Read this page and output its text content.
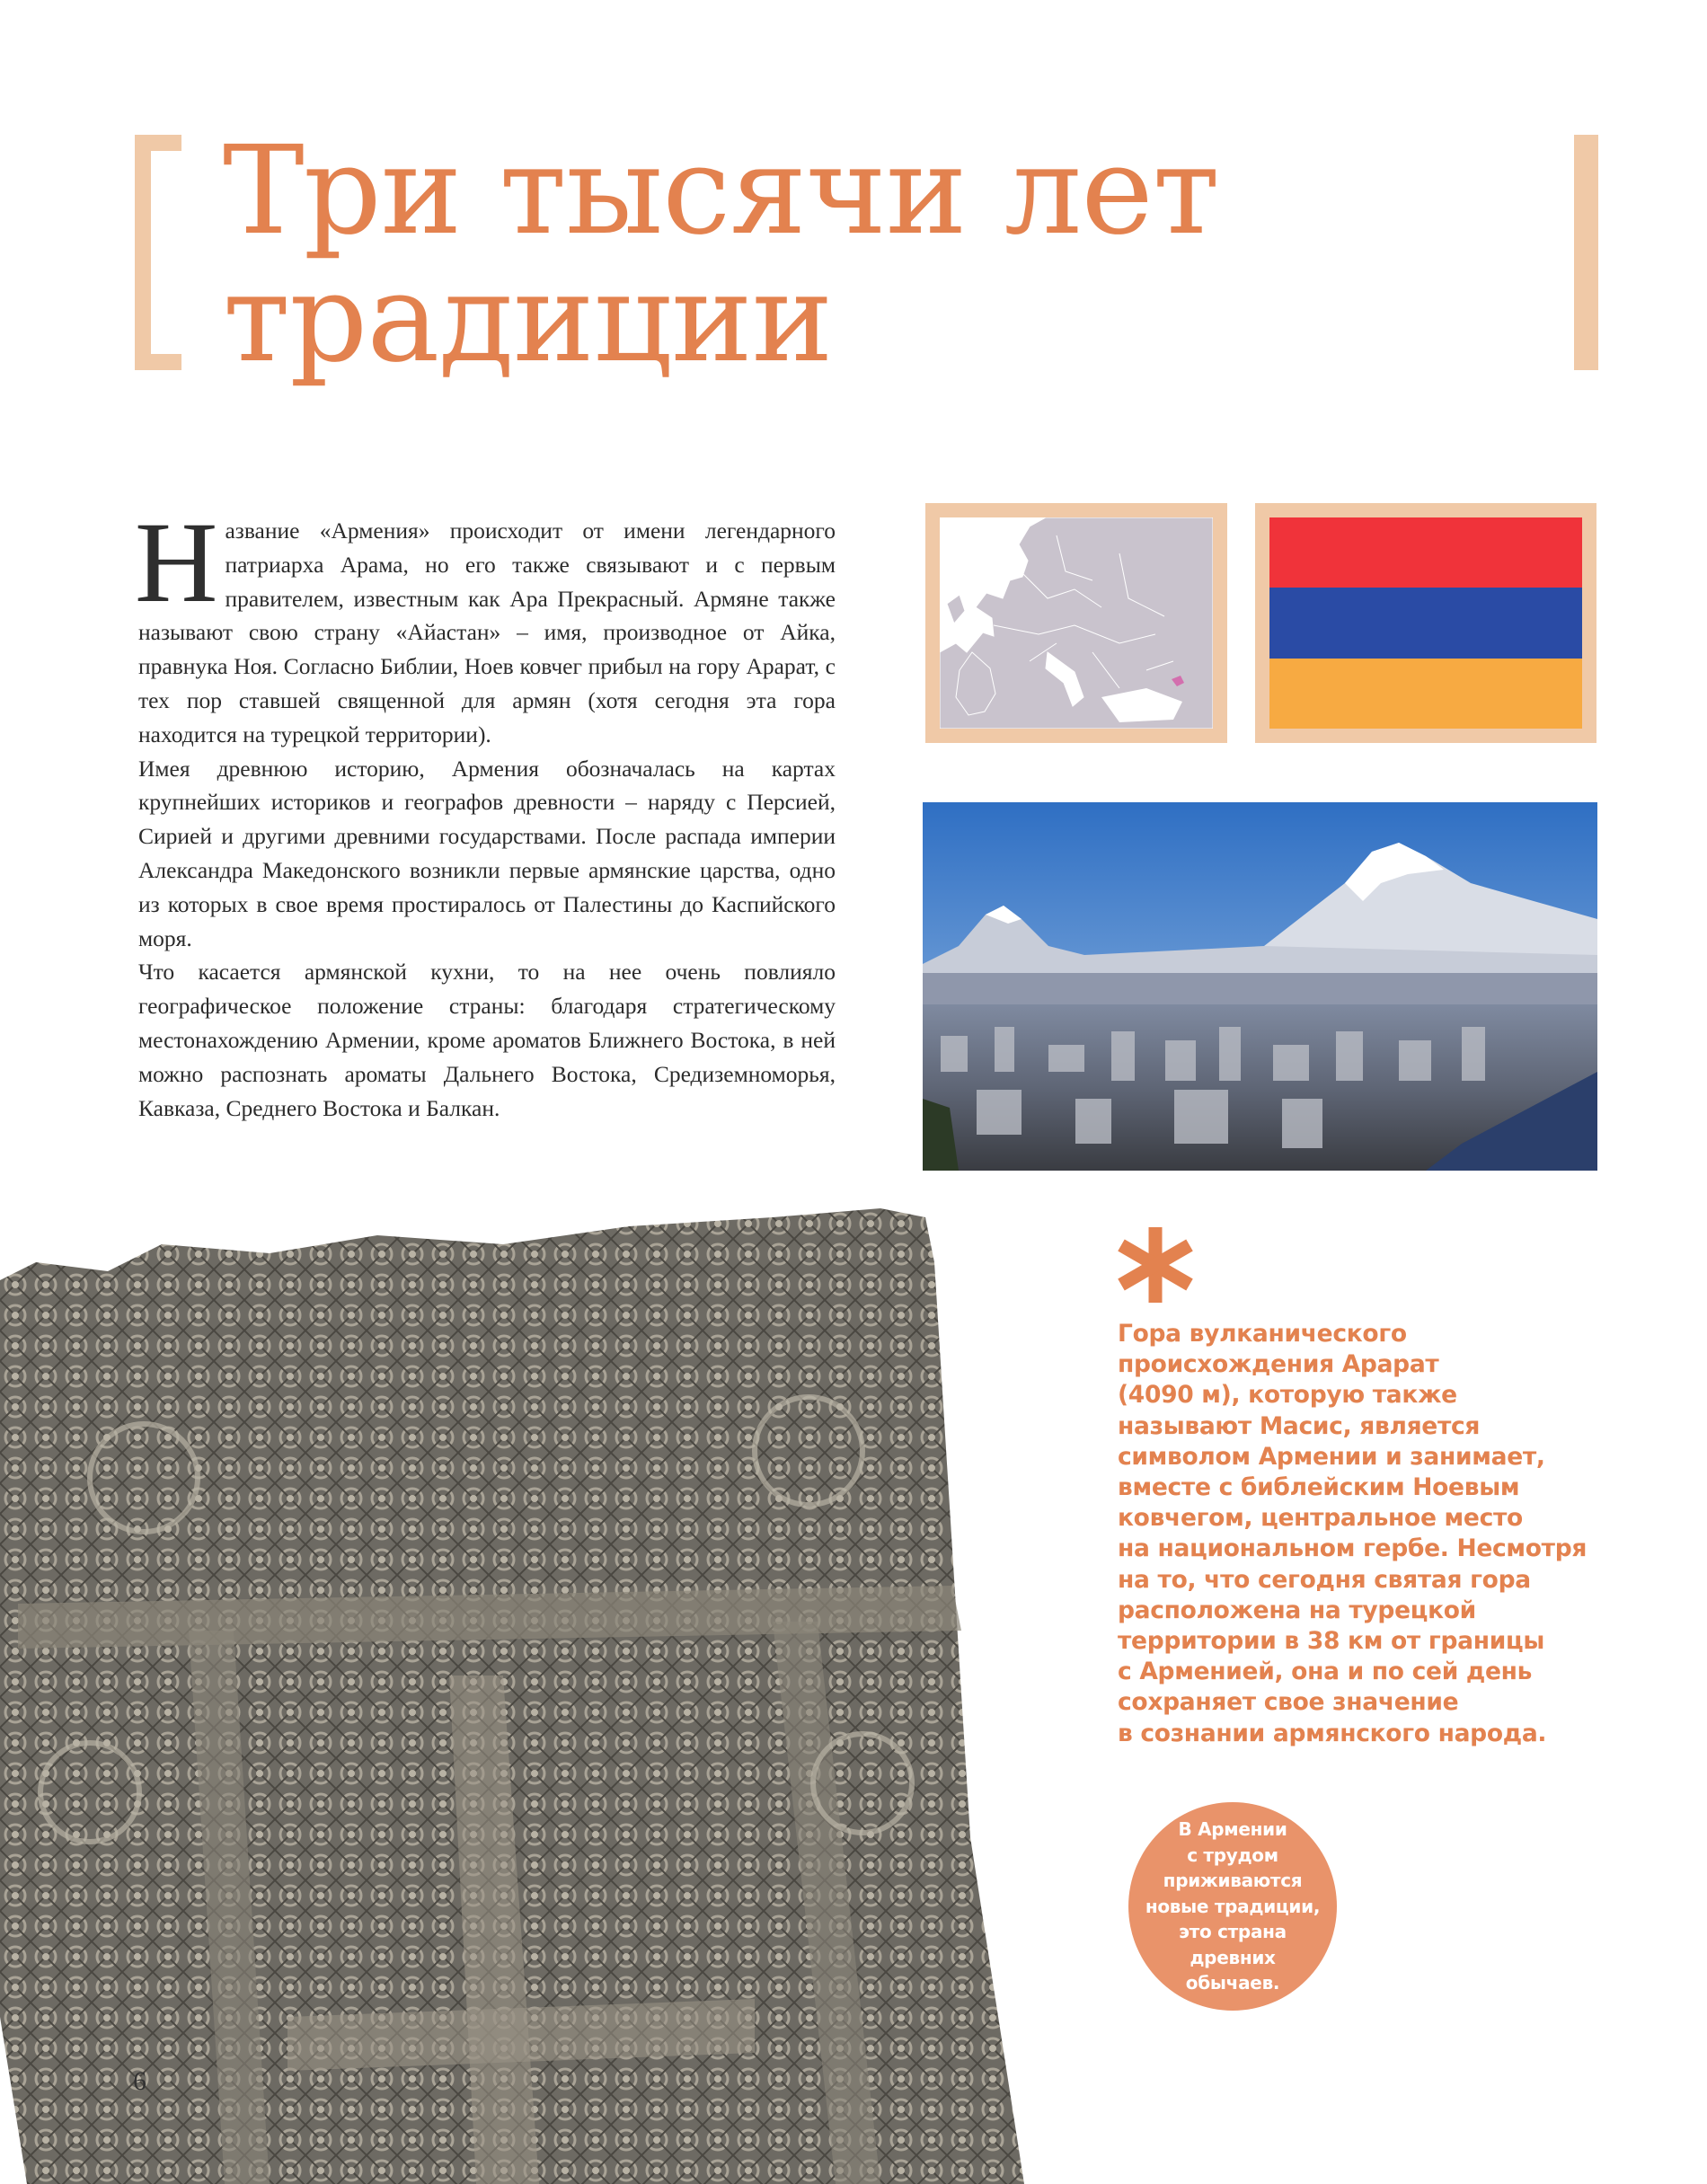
Три тысячи лет
традиции

Название «Армения» происходит от имени легендарного патриарха Арама, но его также связывают и с первым правителем, известным как Ара Прекрасный. Армяне также называют свою страну «Айастан» – имя, производное от Айка, правнука Ноя. Согласно Библии, Ноев ковчег прибыл на гору Арарат, с тех пор ставшей священной для армян (хотя сегодня эта гора находится на турецкой территории).

Имея древнюю историю, Армения обозначалась на картах крупнейших историков и географов древности – наряду с Персией, Сирией и другими древними государствами. После распада империи Александра Македонского возникли первые армянские царства, одно из которых в свое время простиралось от Палестины до Каспийского моря.

Что касается армянской кухни, то на нее очень повлияло географическое положение страны: благодаря стратегическому местонахождению Армении, кроме ароматов Ближнего Востока, в ней можно распознать ароматы Дальнего Востока, Средиземноморья, Кавказа, Среднего Востока и Балкан.

6
Гора вулканического
происхождения Арарат
(4090 м), которую также
называют Масис, является
символом Армении и занимает,
вместе с библейским Ноевым
ковчегом, центральное место
на национальном гербе. Несмотря
на то, что сегодня святая гора
расположена на турецкой
территории в 38 км от границы
с Арменией, она и по сей день
сохраняет свое значение
в сознании армянского народа.
В Армении
с трудом
приживаются
новые традиции,
это страна
древних
обычаев.
